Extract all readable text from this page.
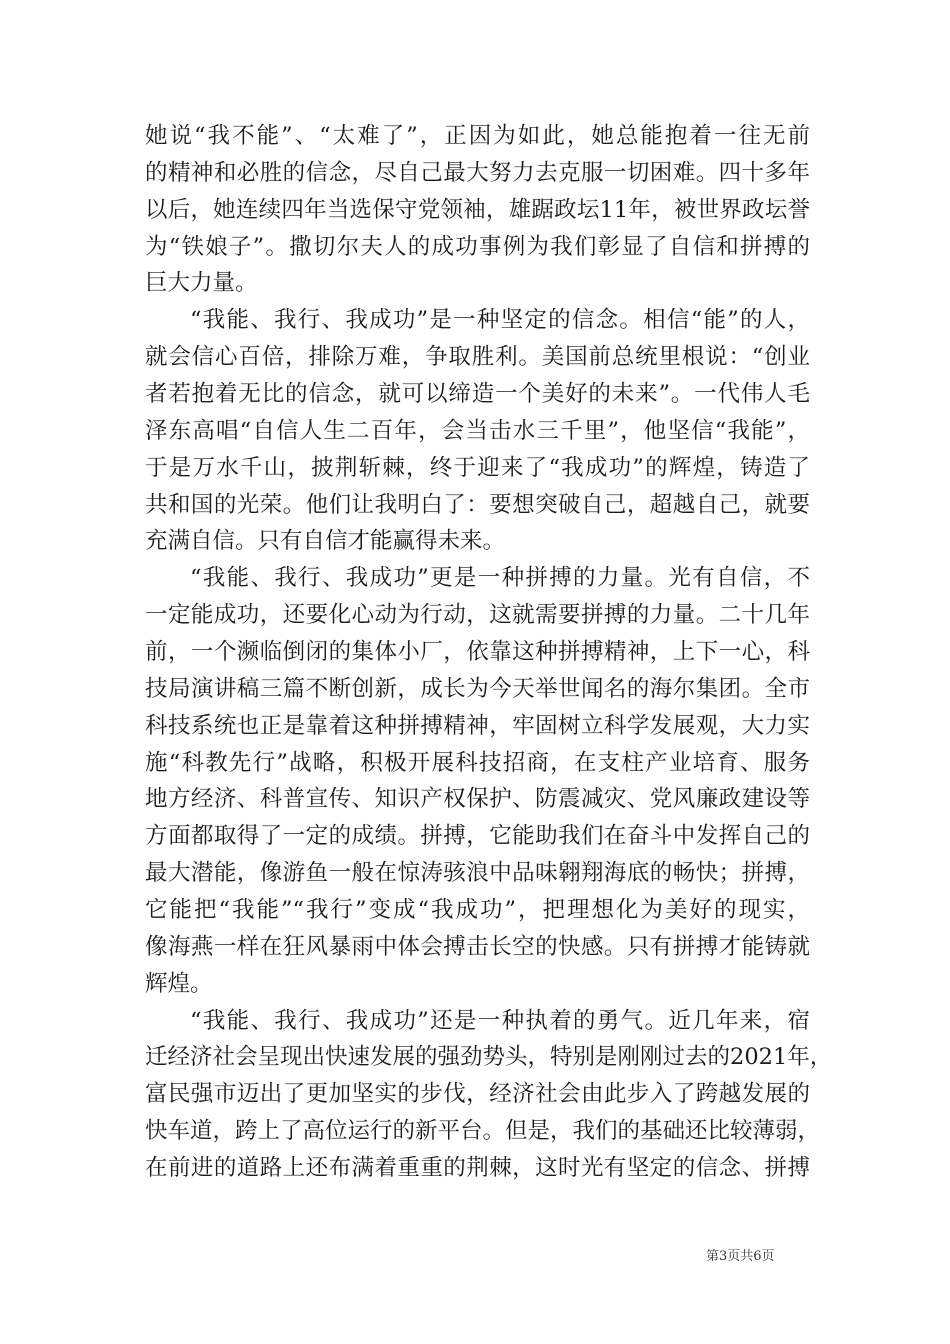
她说“我不能”、“太难了”，正因为如此，她总能抱着一往无前
的精神和必胜的信念，尽自己最大努力去克服一切困难。四十多年
以后，她连续四年当选保守党领袖，雄踞政坛11年，被世界政坛誉
为“铁娘子”。撒切尔夫人的成功事例为我们彰显了自信和拼搏的
巨大力量。
“我能、我行、我成功”是一种坚定的信念。相信“能”的人，
就会信心百倍，排除万难，争取胜利。美国前总统里根说：“创业
者若抱着无比的信念，就可以缔造一个美好的未来”。一代伟人毛
泽东高唱“自信人生二百年，会当击水三千里”，他坚信“我能”，
于是万水千山，披荆斩棘，终于迎来了“我成功”的辉煌，铸造了
共和国的光荣。他们让我明白了：要想突破自己，超越自己，就要
充满自信。只有自信才能赢得未来。
“我能、我行、我成功”更是一种拼搏的力量。光有自信，不
一定能成功，还要化心动为行动，这就需要拼搏的力量。二十几年
前，一个濒临倒闭的集体小厂，依靠这种拼搏精神，上下一心，科
技局演讲稿三篇不断创新，成长为今天举世闻名的海尔集团。全市
科技系统也正是靠着这种拼搏精神，牢固树立科学发展观，大力实
施“科教先行”战略，积极开展科技招商，在支柱产业培育、服务
地方经济、科普宣传、知识产权保护、防震减灾、党风廉政建设等
方面都取得了一定的成绩。拼搏，它能助我们在奋斗中发挥自己的
最大潜能，像游鱼一般在惊涛骇浪中品味翱翔海底的畅快；拼搏，
它能把“我能”“我行”变成“我成功”，把理想化为美好的现实，
像海燕一样在狂风暴雨中体会搏击长空的快感。只有拼搏才能铸就
辉煌。
“我能、我行、我成功”还是一种执着的勇气。近几年来，宿
迁经济社会呈现出快速发展的强劲势头，特别是刚刚过去的2021年，
富民强市迈出了更加坚实的步伐，经济社会由此步入了跨越发展的
快车道，跨上了高位运行的新平台。但是，我们的基础还比较薄弱，
在前进的道路上还布满着重重的荆棘，这时光有坚定的信念、拼搏
第3页共6页
